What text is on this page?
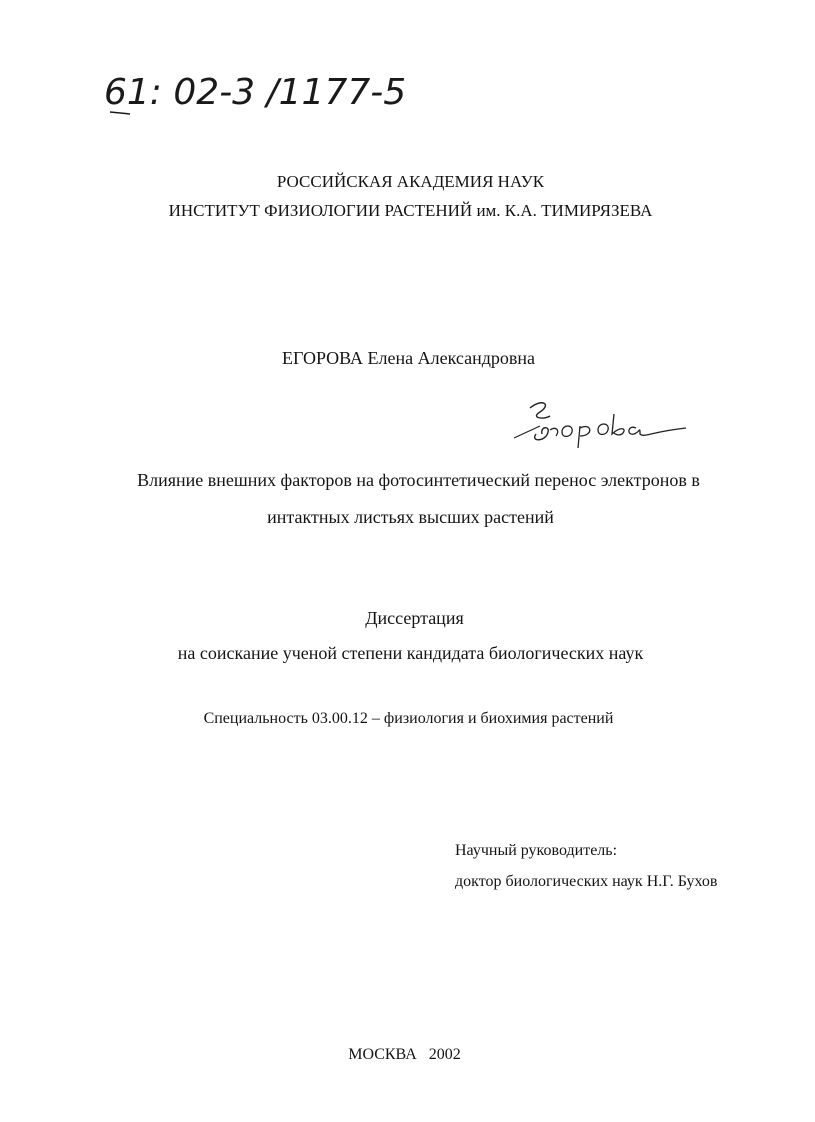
61: 02-3 /1177-5
РОССИЙСКАЯ АКАДЕМИЯ НАУК
ИНСТИТУТ ФИЗИОЛОГИИ РАСТЕНИЙ им. К.А. ТИМИРЯЗЕВА
ЕГОРОВА Елена Александровна
Влияние внешних факторов на фотосинтетический перенос электронов в
интактных листьях высших растений
Диссертация
на соискание ученой степени кандидата биологических наук
Специальность 03.00.12 – физиология и биохимия растений
Научный руководитель:
доктор биологических наук Н.Г. Бухов
МОСКВА   2002
